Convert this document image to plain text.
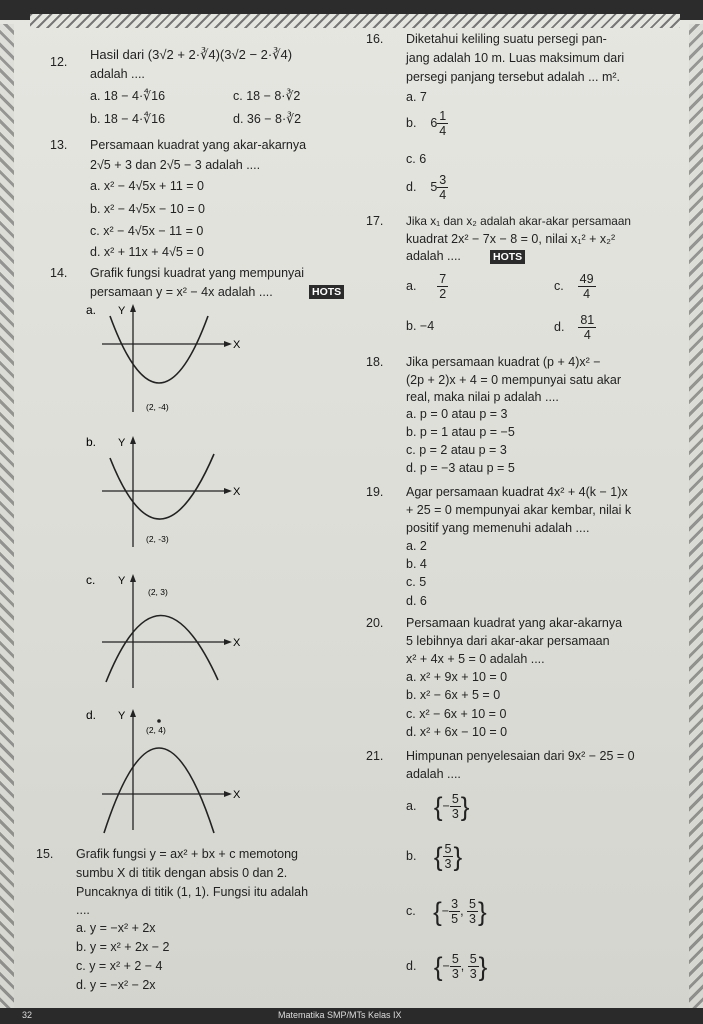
12. Hasil dari (3√2 + 2·∛4)(3√2 − 2·∛4)
adalah ....
a. 18 − 4·∜16	c. 18 − 8·∛2
b. 18 − 4·∜16	d. 36 − 8·∛2
13. Persamaan kuadrat yang akar-akarnya
2√5 + 3 dan 2√5 − 3 adalah ....
a. x² − 4√5x + 11 = 0
b. x² − 4√5x − 10 = 0
c. x² − 4√5x − 11 = 0
d. x² + 11x + 4√5 = 0
14. Grafik fungsi kuadrat yang mempunyai
persamaan y = x² − 4x adalah ....	HOTS
a. Y
X
(2, -4)
b. Y
X
(2, -3)
c. Y
X
(2, 3)
d. Y
X
(2, 4)
15. Grafik fungsi y = ax² + bx + c memotong
sumbu X di titik dengan absis 0 dan 2.
Puncaknya di titik (1, 1). Fungsi itu adalah
....
a. y = −x² + 2x
b. y = x² + 2x − 2
c. y = x² + 2 − 4
d. y = −x² − 2x
16. Diketahui keliling suatu persegi pan-
jang adalah 10 m. Luas maksimum dari
persegi panjang tersebut adalah ... m².
a. 7
b. $6 \frac{1}{4}$
c. 6
d. $5 \frac{3}{4}$
17. Jika x₁ dan x₂ adalah akar-akar persamaan
kuadrat 2x² − 7x − 8 = 0, nilai x₁² + x₂²
adalah ....	HOTS
a. $\frac{7}{2}$	c. $\frac{49}{4}$
b. −4	d. $\frac{81}{4}$
18. Jika persamaan kuadrat (p + 4)x² −
(2p + 2)x + 4 = 0 mempunyai satu akar
real, maka nilai p adalah ....
a. p = 0 atau p = 3
b. p = 1 atau p = −5
c. p = 2 atau p = 3
d. p = −3 atau p = 5
19. Agar persamaan kuadrat 4x² + 4(k − 1)x
+ 25 = 0 mempunyai akar kembar, nilai k
positif yang memenuhi adalah ....
a. 2
b. 4
c. 5
d. 6
20. Persamaan kuadrat yang akar-akarnya
5 lebihnya dari akar-akar persamaan
x² + 4x + 5 = 0 adalah ....
a. x² + 9x + 10 = 0
b. x² − 6x + 5 = 0
c. x² − 6x + 10 = 0
d. x² + 6x − 10 = 0
21. Himpunan penyelesaian dari 9x² − 25 = 0
adalah ....
a. {− $\frac{5}{3}$ }
b. { $\frac{5}{3}$ }
c. {− $\frac{3}{5}$ , $\frac{5}{3}$ }
d. {− $\frac{5}{3}$ , $\frac{5}{3}$ }
32	Matematika SMP/MTs Kelas IX
